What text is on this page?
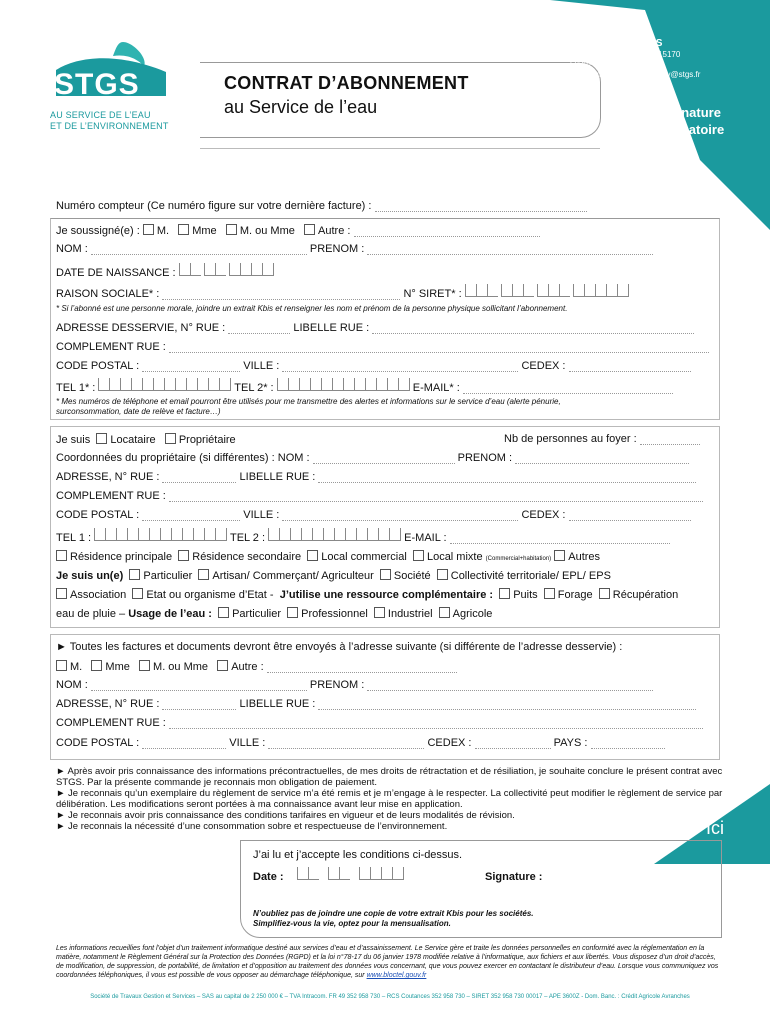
STGS
AU SERVICE DE L’EAU
ET DE L’ENVIRONNEMENT
CONTRAT D’ABONNEMENT
au Service de l’eau
A retourner à STGS
22 rue des Grèves – CS 15170
50307 Avranches Cedex 7
Ou par mail : contrat-pontivy@stgs.fr
Signature
obligatoire
Numéro compteur (Ce numéro figure sur votre dernière facture) :
Je soussigné(e) : M. Mme M. ou Mme Autre :
NOM :	PRENOM :
DATE DE NAISSANCE :
RAISON SOCIALE* :	N° SIRET* :
* Si l’abonné est une personne morale, joindre un extrait Kbis et renseigner les nom et prénom de la personne physique sollicitant l’abonnement.
ADRESSE DESSERVIE, N° RUE :	LIBELLE RUE :
COMPLEMENT RUE :
CODE POSTAL :	VILLE :	CEDEX :
TEL 1* :	TEL 2* :	E-MAIL* :
* Mes numéros de téléphone et email pourront être utilisés pour me transmettre des alertes et informations sur le service d’eau (alerte pénurie,
surconsommation, date de relève et facture…)
Je suis Locataire Propriétaire	Nb de personnes au foyer :
Coordonnées du propriétaire (si différentes) : NOM :	PRENOM :
ADRESSE, N° RUE :	LIBELLE RUE :
COMPLEMENT RUE :
CODE POSTAL :	VILLE :	CEDEX :
TEL 1 :	TEL 2 :	E-MAIL :
Résidence principale Résidence secondaire Local commercial Local mixte (Commercial+habitation) Autres
Je suis un(e) Particulier Artisan/ Commerçant/ Agriculteur Société Collectivité territoriale/ EPL/ EPS
Association Etat ou organisme d’Etat - J’utilise une ressource complémentaire : Puits Forage Récupération
eau de pluie – Usage de l’eau : Particulier Professionnel Industriel Agricole
► Toutes les factures et documents devront être envoyés à l’adresse suivante (si différente de l’adresse desservie) :
M. Mme M. ou Mme Autre :
NOM :	PRENOM :
ADRESSE, N° RUE :	LIBELLE RUE :
COMPLEMENT RUE :
CODE POSTAL :	VILLE :	CEDEX :	PAYS :
► Après avoir pris connaissance des informations précontractuelles, de mes droits de rétractation et de résiliation, je souhaite conclure le présent contrat avec STGS. Par la présente commande je reconnais mon obligation de paiement.
► Je reconnais qu’un exemplaire du règlement de service m’a été remis et je m’engage à le respecter. La collectivité peut modifier le règlement de service par délibération. Les modifications seront portées à ma connaissance avant leur mise en application.
► Je reconnais avoir pris connaissance des conditions tarifaires en vigueur et de leurs modalités de révision.
► Je reconnais la nécessité d’une consommation sobre et respectueuse de l’environnement.	Ici
J’ai lu et j’accepte les conditions ci-dessus.
Date :
	Signature :
N’oubliez pas de joindre une copie de votre extrait Kbis pour les sociétés.
Simplifiez-vous la vie, optez pour la mensualisation.
Les informations recueillies font l’objet d’un traitement informatique destiné aux services d’eau et d’assainissement. Le Service gère et traite les données personnelles en conformité avec la réglementation en la matière, notamment le Règlement Général sur la Protection des Données (RGPD) et la loi n°78-17 du 06 janvier 1978 modifiée relative à l’informatique, aux fichiers et aux libertés. Vous disposez d’un droit d’accès, de modification, de suppression, de portabilité, de limitation et d’opposition au traitement des données vous concernant, que vous pouvez exercer en contactant le distributeur d’eau. Lorsque vous communiquez vos coordonnées téléphoniques, il vous est possible de vous opposer au démarchage téléphonique, sur www.bloctel.gouv.fr
Société de Travaux Gestion et Services – SAS au capital de 2 250 000 € – TVA Intracom. FR 49 352 958 730 – RCS Coutances 352 958 730 – SIRET 352 958 730 00017 – APE 3600Z - Dom. Banc. : Crédit Agricole Avranches
